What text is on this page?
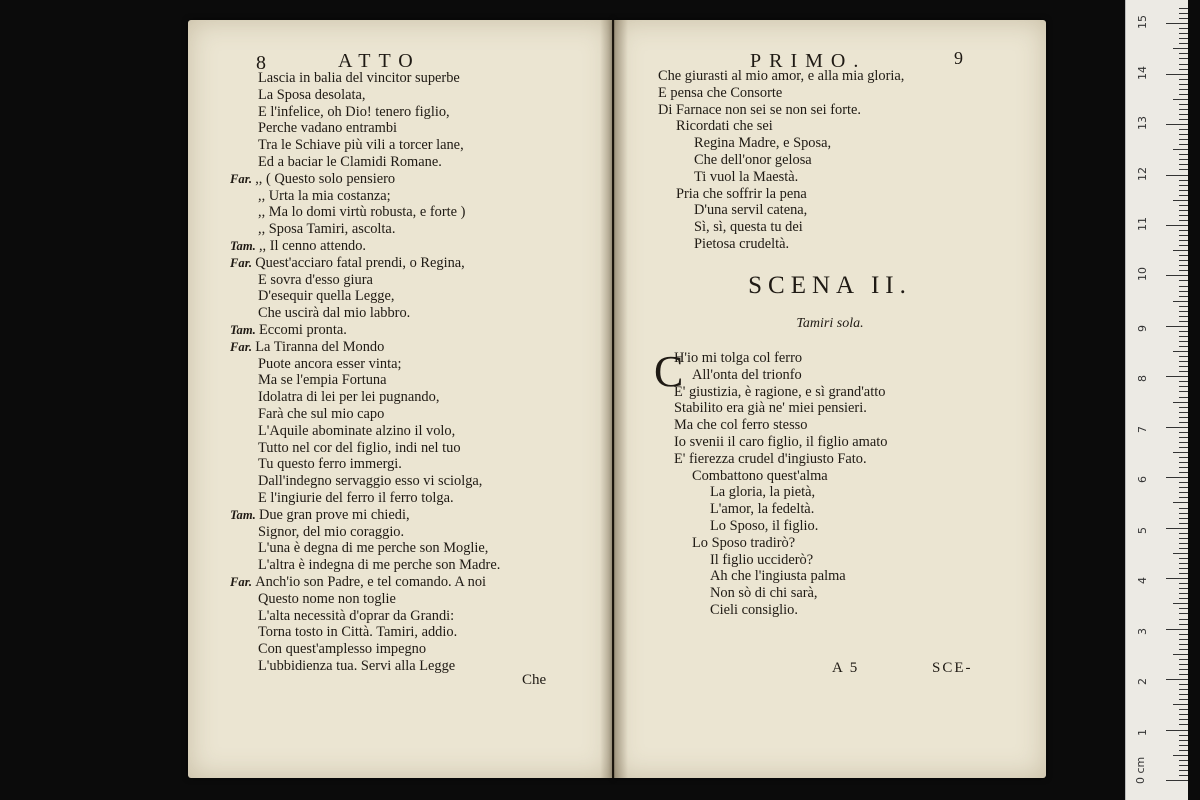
8	ATTO
Lascia in balia del vincitor superbe
La Sposa desolata,
E l'infelice, oh Dio! tenero figlio,
Perche vadano entrambi
Tra le Schiave più vili a torcer lane,
Ed a baciar le Clamidi Romane.
Far. ,, ( Questo solo pensiero
,, Urta la mia costanza;
,, Ma lo domi virtù robusta, e forte )
,, Sposa Tamiri, ascolta.
Tam. ,, Il cenno attendo.
Far. Quest'acciaro fatal prendi, o Regina,
E sovra d'esso giura
D'esequir quella Legge,
Che uscirà dal mio labbro.
Tam. Eccomi pronta.
Far. La Tiranna del Mondo
Puote ancora esser vinta;
Ma se l'empia Fortuna
Idolatra di lei per lei pugnando,
Farà che sul mio capo
L'Aquile abominate alzino il volo,
Tutto nel cor del figlio, indi nel tuo
Tu questo ferro immergi.
Dall'indegno servaggio esso vi sciolga,
E l'ingiurie del ferro il ferro tolga.
Tam. Due gran prove mi chiedi,
Signor, del mio coraggio.
L'una è degna di me perche son Moglie,
L'altra è indegna di me perche son Madre.
Far. Anch'io son Padre, e tel comando. A noi
Questo nome non toglie
L'alta necessità d'oprar da Grandi:
Torna tosto in Città. Tamiri, addio.
Con quest'amplesso impegno
L'ubbidienza tua. Servi alla Legge
Che
PRIMO.	9
Che giurasti al mio amor, e alla mia gloria,
E pensa che Consorte
Di Farnace non sei se non sei forte.
Ricordati che sei
Regina Madre, e Sposa,
Che dell'onor gelosa
Ti vuol la Maestà.
Pria che soffrir la pena
D'una servil catena,
Sì, sì, questa tu dei
Pietosa crudeltà.
SCENA II.
Tamiri sola.
C
H'io mi tolga col ferro
All'onta del trionfo
E' giustizia, è ragione, e sì grand'atto
Stabilito era già ne' miei pensieri.
Ma che col ferro stesso
Io svenii il caro figlio, il figlio amato
E' fierezza crudel d'ingiusto Fato.
Combattono quest'alma
La gloria, la pietà,
L'amor, la fedeltà.
Lo Sposo, il figlio.
Lo Sposo tradirò?
Il figlio ucciderò?
Ah che l'ingiusta palma
Non sò di chi sarà,
Cieli consiglio.
A 5	SCE-
0 cm
1
2
3
4
5
6
7
8
9
10
11
12
13
14
15
